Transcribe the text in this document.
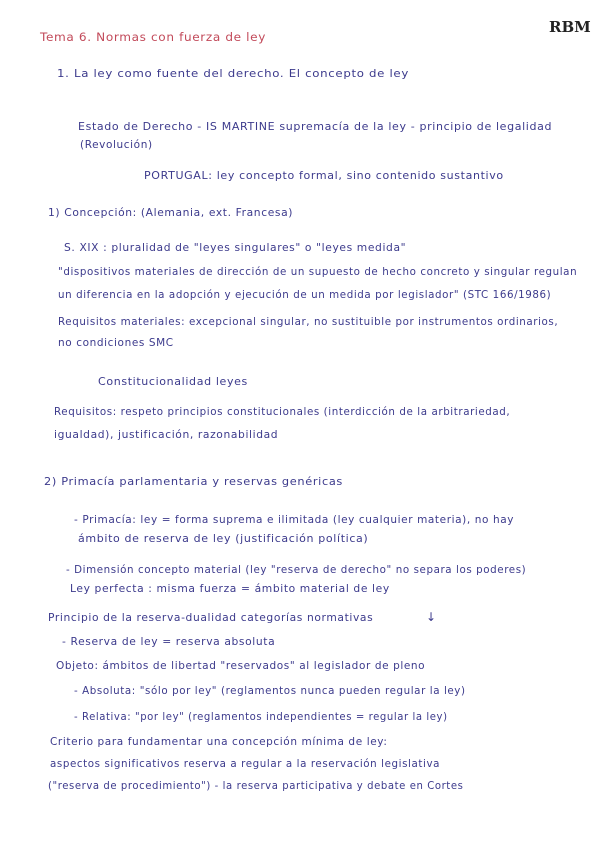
RBM
Tema 6. Normas con fuerza de ley
1. La ley como fuente del derecho. El concepto de ley
Estado de Derecho - IS MARTINE supremacía de la ley - principio de legalidad
(Revolución)
PORTUGAL: ley concepto formal, sino contenido sustantivo
1) Concepción: (Alemania, ext. Francesa)
S. XIX : pluralidad de "leyes singulares" o "leyes medida"
"dispositivos materiales de dirección de un supuesto de hecho concreto y singular regulan
un diferencia en la adopción y ejecución de un medida por legislador" (STC 166/1986)
Requisitos materiales: excepcional singular, no sustituible por instrumentos ordinarios,
no condiciones SMC
Constitucionalidad leyes
Requisitos: respeto principios constitucionales (interdicción de la arbitrariedad,
igualdad), justificación, razonabilidad
2) Primacía parlamentaria y reservas genéricas
- Primacía: ley = forma suprema e ilimitada (ley cualquier materia), no hay
ámbito de reserva de ley (justificación política)
- Dimensión concepto material (ley "reserva de derecho" no separa los poderes)
Ley perfecta : misma fuerza = ámbito material de ley
Principio de la reserva-dualidad categorías normativas	↓
- Reserva de ley = reserva absoluta
Objeto: ámbitos de libertad "reservados" al legislador de pleno
- Absoluta: "sólo por ley" (reglamentos nunca pueden regular la ley)
- Relativa: "por ley" (reglamentos independientes = regular la ley)
Criterio para fundamentar una concepción mínima de ley:
aspectos significativos reserva a regular a la reservación legislativa
("reserva de procedimiento") - la reserva participativa y debate en Cortes
